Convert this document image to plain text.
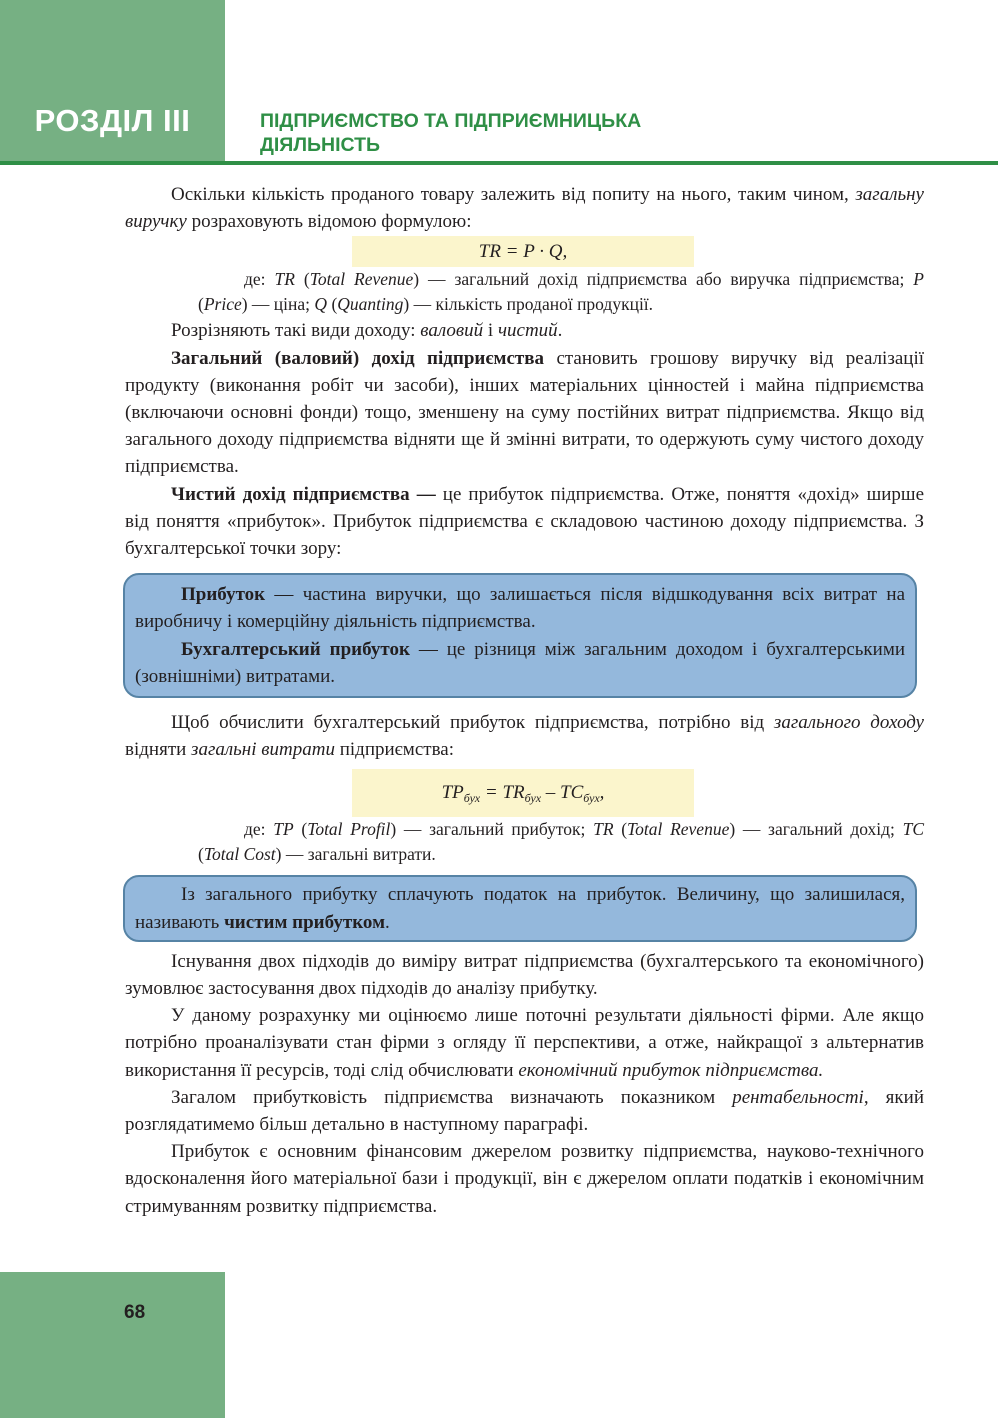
РОЗДІЛ III	ПІДПРИЄМСТВО ТА ПІДПРИЄМНИЦЬКА
ДІЯЛЬНІСТЬ

Оскільки кількість проданого товару залежить від попиту на нього, таким чином, загальну виручку розраховують відомою формулою:

TR = P · Q,

де: TR (Total Revenue) — загальний дохід підприємства або виручка підприємства; P (Price) — ціна; Q (Quanting) — кількість проданої продукції.

Розрізняють такі види доходу: валовий і чистий.

Загальний (валовий) дохід підприємства становить грошову виручку від реалізації продукту (виконання робіт чи засоби), інших матеріальних цінностей і майна підприємства (включаючи основні фонди) тощо, зменшену на суму постійних витрат підприємства. Якщо від загального доходу підприємства відняти ще й змінні витрати, то одержують суму чистого доходу підприємства.

Чистий дохід підприємства — це прибуток підприємства. Отже, поняття «дохід» ширше від поняття «прибуток». Прибуток підприємства є складовою частиною доходу підприємства. З бухгалтерської точки зору:

Прибуток — частина виручки, що залишається після відшкодування всіх витрат на виробничу і комерційну діяльність підприємства.

Бухгалтерський прибуток — це різниця між загальним доходом і бухгалтерськими (зовнішніми) витратами.

Щоб обчислити бухгалтерський прибуток підприємства, потрібно від загального доходу відняти загальні витрати підприємства:

$TP_{бух} = TR_{бух} - TC_{бух}$,

де: TP (Total Profil) — загальний прибуток; TR (Total Revenue) — загальний дохід; TC (Total Cost) — загальні витрати.

Із загального прибутку сплачують податок на прибуток. Величину, що залишилася, називають чистим прибутком.

Існування двох підходів до виміру витрат підприємства (бухгалтерського та економічного) зумовлює застосування двох підходів до аналізу прибутку.

У даному розрахунку ми оцінюємо лише поточні результати діяльності фірми. Але якщо потрібно проаналізувати стан фірми з огляду її перспективи, а отже, найкращої з альтернатив використання її ресурсів, тоді слід обчислювати економічний прибуток підприємства.

Загалом прибутковість підприємства визначають показником рентабельності, який розглядатимемо більш детально в наступному параграфі.

Прибуток є основним фінансовим джерелом розвитку підприємства, науково-технічного вдосконалення його матеріальної бази і продукції, він є джерелом оплати податків і економічним стримуванням розвитку підприємства.

68
